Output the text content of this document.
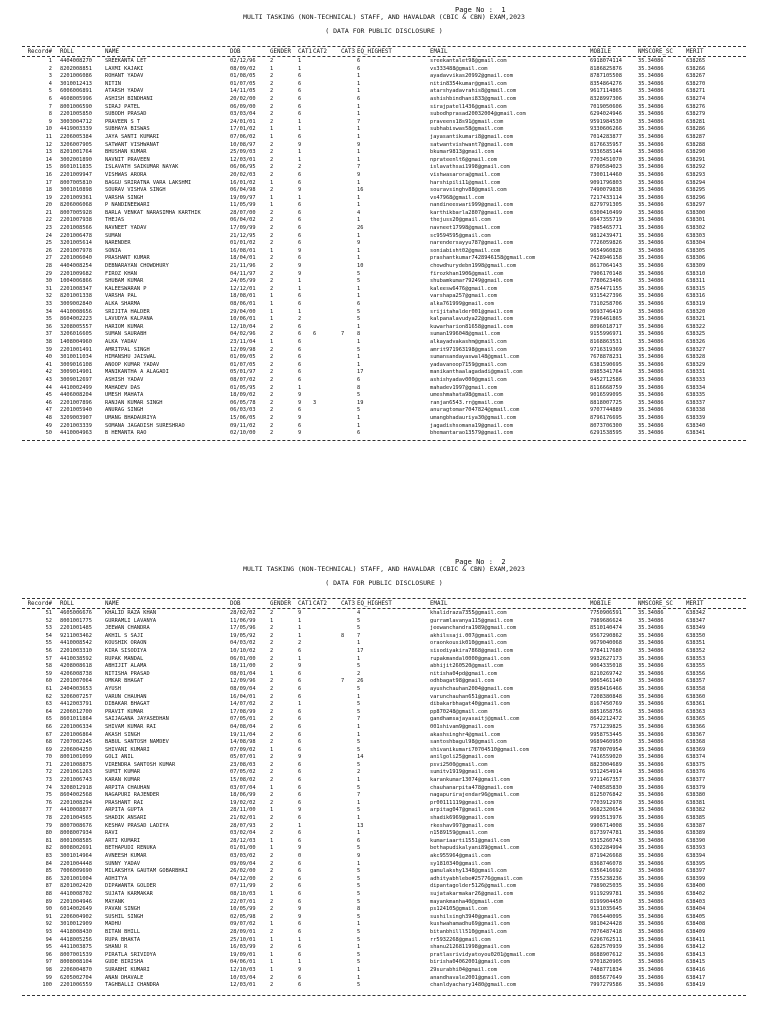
Page No : 1
MULTI TASKING (NON-TECHNICAL) STAFF, AND HAVALDAR (CBIC & CBN) EXAM,2023
( DATA FOR PUBLIC DISCLOSURE )
Record# ROLL	NAME	DOB	GENDER CAT1 CAT2 CAT3 EQ_HIGHEST	EMAIL	MOBILE	NMSCORE_SC MERIT
1 4404008270 SREEKANTA LET	02/12/96	2	1	6	sreekantalet98@gmail.com	6918074114	35.34086	638265
2 8202008851 LAXMI KAJAKI	08/09/02	1	1	6	vs333488@gmail.com	8186825876	35.34086	638266
3 2201006086 ROHANT YADAV	01/08/05	2	6	1	ayadavvikas20992@gmail.com	8787105508	35.34086	638267
4 3010012413 NITIN	01/07/05	2	6	1	nitin8354kumar@gmail.com	8354864276	35.34086	638270
5 6006006891 ATARSH YADAV	14/11/05	2	6	1	atarshyadavrahis8@gmail.com	9617114865	35.34086	638271
6 4608005996 ASHISH BINDHANI	20/02/00	2	6	6	ashishbindhani833@gmail.com	8328997306	35.34086	638274
7 8001006590 SIRAJ PATEL	06/09/00	2	6	1	sirajpatel1436@gmail.com	7019050606	35.34086	638276
8 2201005850 SUBODH PRASAD	03/03/04	2	6	1	subodhprasad20032004@gmail.com	6294024946	35.34086	638279
9 3003004712 PRAVEEN S T	24/01/01	2	1	7	praveens18s91@gmail.com	9591984530	35.34086	638281
10 4419003339 SUBHAYA BISWAS	17/01/02	1	1	1	subhabiswas58@gmail.com	9330606266	35.34086	638286
11 2206005384 JAYA SANTI KUMARI	07/06/02	1	6	1	jayasantikumari8@gmail.com	7014283877	35.34086	638287
12 3206007905 SATWANT VISHWANAT	10/08/97	2	9	9	satwantvishwant7@gmail.com	8176635957	35.34086	638288
13 8201001764 BHUSHAN KUMAR	25/09/03	2	1	1	bkumar9813@gmail.com	9336585144	35.34086	638290
14 3002001890 NAVNIT PRAVEEN	12/03/01	2	1	1	nprateenlt6@gmail.com	7703451070	35.34086	638291
15 8601011835 ISLAVATH SAIKUMAR NAYAK	06/06/95	2	2	7	islavathsai1998@gmail.com	8790584023	35.34086	638292
16 2201009947 VISHWAS ARORA	20/02/03	2	6	9	vishwasarora@gmail.com	7300114460	35.34086	638293
17 8007005810 BAGGU SRIRATNA VARA LAKSHMI	16/01/02	1	6	1	harshipili11@gmail.com	9091796803	35.34086	638294
18 3001010898 SOURAV VISHVA SINGH	06/04/98	2	9	16	souravsinghv88@gmail.com	7490079838	35.34086	638295
19 2201009361 VARSHA SINGH	19/09/97	1	1	1	vs47968@gmail.com	7217433114	35.34086	638296
20 8206006068 P NANDINEEWARI	11/05/99	1	6	1	nandineeswari999@gmail.com	8279791305	35.34086	638297
21 8007005928 BARLA VENKAT NARASIMHA KARTHIK	28/07/00	2	6	4	karthikbarla2807@gmail.com	6300410499	35.34086	638300
22 2201007938 THEJAS	06/04/02	2	6	1	thejuss20@gmail.com	8647355719	35.34086	638301
23 2201008566 NAVNEET YADAV	17/09/99	2	6	26	navneet17998@gmail.com	7985465771	35.34086	638302
24 2201006478 SUMAN	21/12/95	2	6	1	sc9594595@gmail.com	9812439471	35.34086	638303
25 3201005614 NARENDER	01/01/02	2	6	9	narendersayyu787@gmail.com	7726059826	35.34086	638304
26 2201007978 SONIA	16/08/01	1	9	1	soniabisht02@gmail.com	9654960828	35.34086	638305
27 2201006040 PRASHANT KUMAR	18/04/01	2	6	1	prashantkumar7428946158@gmail.com	7428946158	35.34086	638306
28 4404008254 DEBNARAYAN CHOWDHURY	21/11/96	2	9	10	chowdhurydebn1998@gmail.com	8617064143	35.34086	638309
29 2201009682 FIROZ KHAN	04/11/97	2	9	5	firozkhan1906@gmail.com	7906170148	35.34086	638310
30 1004006866 SHUBAM KUMAR	24/05/99	2	1	5	shubamkumar79249@gmail.com	7780623406	35.34086	638311
31 2201008347 KALEESWARAN P	12/12/01	2	1	1	kaleesw6476@gmail.com	8754471155	35.34086	638315
32 8201001338 VARSHA PAL	18/08/01	1	6	1	varshapa257@gmail.com	9315427396	35.34086	638316
33 3009002840 ALKA SHARMA	08/06/01	1	6	6	alka761999@gmail.com	7310258706	35.34086	638319
34 4410008656 SRIJITA HALDER	29/04/00	1	1	5	srijitahalder001@gmail.com	9693746419	35.34086	638320
35 8604002223 LAVUDYA KALPANA	10/06/01	1	2	5	kalpanalavudya22@gmail.com	7396461865	35.34086	638321
36 3208005557 HARIOM KUMAR	12/10/04	2	6	1	kuwarharion81658@gmail.com	8096018717	35.34086	638322
37 3206016605 SUMAN SAURABH	04/02/96	2	6 6	7 8	suman1996048@gmail.com	9155996971	35.34086	638325
38 1408004960 ALKA YADAV	23/11/04	1	6	1	alkayadvakashm@gmail.com	8168863531	35.34086	638326
39 2201001491 AMRITPAL SINGH	12/09/98	2	6	5	amrit971963198@gmail.com	9716319369	35.34086	638327
40 3010011034 HIMANSHU JAISWAL	01/09/05	2	6	1	sumansandayaswal48@gmail.com	7678878231	35.34086	638328
41 3009016108 ANOOP KUMAR YADAV	01/07/05	2	6	1	yadavanoop7159@gmail.com	6381590695	35.34086	638329
42 3009014901 MANIKANTHA A ALAGADI	05/01/97	2	6	17	manikanthaalagadadi@gmail.com	8985341764	35.34086	638331
43 3009012697 ASHISH YADAV	08/07/02	2	6	6	ashishyadav000@gmail.com	9452712586	35.34086	638333
44 4410002499 MAHADEV DAS	01/05/95	2	1	8	mahadev1997@gmail.com	8116668759	35.34086	638334
45 4406008204 UMESH MAHATA	18/09/02	2	9	5	umeshmahata98@gmail.com	9016599095	35.34086	638335
46 2201007896 RANJAN KUMAR SINGH	06/05/78	2	9 3	19	ranjan6543.rr@gmail.com	8818007725	35.34086	638337
47 2201005940 ANURAG SINGH	06/03/03	2	6	5	anuragtomar7047824@gmail.com	9707744889	35.34086	638338
48 3209003907 UMANG BHADAURIYA	15/06/05	2	9	1	umangbhadauriya30@gmail.com	8796176695	35.34086	638339
49 2201003339 SOMANA JAGADISH SURESHRAO	09/11/02	2	6	1	jagadishsomana19@gmail.com	8073706300	35.34086	638340
50 4410004963 B HEMANTA RAO	02/10/00	2	9	6	bhemantarao13579@gmail.com	6291538595	35.34086	638341
Page No : 2
MULTI TASKING (NON-TECHNICAL) STAFF, AND HAVALDAR (CBIC & CBN) EXAM,2023
( DATA FOR PUBLIC DISCLOSURE )
Record# ROLL	NAME	DOB	GENDER CAT1 CAT2 CAT3 EQ_HIGHEST	EMAIL	MOBILE	NMSCORE_SC MERIT
51 4605006676 KHALID RAZA KHAN	28/02/02	2	9	4	khalidraza7355@gmail.com	7750906591	35.34086	638342
52 8001001775 GURRAMLI LAVANYA	11/06/99	1	1	5	gurramlavanya115@gmail.com	7989686624	35.34086	638347
53 2201001485 JEEWAN CHANDRA	17/05/96	2	1	5	jeewanchandra1989@gmail.com	8510140474	35.34086	638349
54 9211003462 AKHIL S SAJI	19/05/92	2	1	8 7	akhilssaji.007@gmail.com	9567290862	35.34086	638350
55 4410008542 KOUSHIK ORAON	04/03/02	2	2	1	oraonkousik010@gmail.com	9679040068	35.34086	638351
56 2201003310 KIRA SISODIYA	10/10/02	2	6	17	sisodiyakira7868@gmail.com	9784117680	35.34086	638352
57 4410038592 RUPAK MANDAL	06/01/00	2	1	1	rupakmandal0000@gmail.com	9932627173	35.34086	638353
58 4208008618 ABHIJIT ALAMA	18/11/00	2	9	5	abhijit260520@gmail.com	9064335018	35.34086	638355
59 4206008738 NITISHA PRASAD	08/01/04	1	6	2	nitisha04pd@gmail.com	8210269742	35.34086	638356
60 2201007064 OMKAR BHAGAT	12/09/96	2	6	7 26	odhbagat98@gmail.com	9065461140	35.34086	638357
61 2404003653 AYUSH	08/09/04	2	6	5	ayushchauhan2004@gmail.com	8958416466	35.34086	638358
62 3206007257 VARUN CHAUHAN	16/04/01	2	6	1	varunchauhan651@gmail.com	7208380848	35.34086	638360
63 4412003791 DIBAKAR BHAGAT	14/07/02	2	1	5	dibakarbhagat40@gmail.com	8167450769	35.34086	638361
64 2206012700 PRAVIT KUMAR	17/08/99	2	6	5	pp870248@gmail.com	8851658756	35.34086	638363
65 8601011864 SAIJAGANA JAYASEDHAN	07/05/01	2	6	7	gandhamsajayasaitj@gmail.com	8642212472	35.34086	638365
66 2201006334 SHIVAM KUMAR RAI	04/08/04	2	6	1	001shivam9@gmail.com	7571239825	35.34086	638366
67 2201006864 AKASH SINGH	19/11/04	2	6	1	akashsinghr4@gmail.com	9958753445	35.34086	638367
68 7207002245 BABUL SANTOSH NAMDEV	14/08/98	2	6	5	santoshbagul98@gmail.com	9689460950	35.34086	638368
69 2206004250 SHIVANI KUMARI	07/09/02	1	6	5	shivanikumari70704510@gmail.com	7870070954	35.34086	638369
70 8001001099 GOLI ANIL	05/07/01	2	9	14	anilgoli25@gmail.com	7416559020	35.34086	638374
71 2201008875 VIRENDRA SANTOSH KUMAR	23/08/03	2	6	5	psvi2500@gmail.com	8823004689	35.34086	638375
72 2201061263 SUMIT KUMAR	07/05/02	2	6	2	sumitv1919@gmail.com	9312454914	35.34086	638376
73 2201006743 KARAN KUMAR	15/08/02	2	6	1	karankumar13074@gmail.com	9711467357	35.34086	638377
74 3208012918 ARPITA CHAUHAN	03/07/04	1	6	5	chauhanarpita478@gmail.com	7408585830	35.34086	638379
75 8604002568 NAGAPURI RAJENDER	18/06/99	2	6	7	nagapurirajendar96@gmail.com	8125076842	35.34086	638380
76 2201008294 PRASHANT RAI	19/02/02	2	6	1	pr00111119@gmail.com	7703912978	35.34086	638381
77 4410008877 ARPITA GUPTA	28/11/00	1	9	5	arpitag047@gmail.com	9682320654	35.34086	638382
78 2201004565 SHADIK ANSARI	21/02/01	2	6	1	shadik6969@gmail.com	9993513976	35.34086	638385
79 8007008676 KESHAV PRASAD LADIYA	28/07/93	2	1	13	rkeshav997@gmail.com	9906714008	35.34086	638387
80 8008007934 RAVI	03/02/04	2	6	1	n1589159@gmail.com	8173974781	35.34086	638389
81 8001008585 ARTI KUMARI	28/12/03	1	6	6	kumariaarti1551@gmail.com	9315260743	35.34086	638390
82 8008002691 BETHAPUDI RENUKA	01/01/00	1	9	5	bethapudikalyani89@gmail.com	6302284994	35.34086	638393
83 3001014964 AVNEESH KUMAR	03/03/02	2	0	9	akc955964@gmail.com	8719426668	35.34086	638394
84 2201004448 SUNNY YADAV	09/09/04	2	6	1	sy1810340@gmail.com	8368746078	35.34086	638395
85 7006009690 MILAKSHYA GAUTAM GOBARBHAI	26/02/00	2	6	5	gamulakshy1348@gmail.com	6356416692	35.34086	638397
86 3201001004 ADHITYA	04/12/00	2	6	5	adhityabhlebe#25776@gmail.com	7355238236	35.34086	638399
87 8201002420 DIPAWANTA GOLDER	07/11/99	2	6	5	dipantagolder5126@gmail.com	7989025035	35.34086	638400
88 4410008702 SUJATA KARMAKAR	08/10/03	1	6	5	sujatakarmakar26@gmail.com	9119299781	35.34086	638402
89 2201004946 MAYANK	22/07/01	2	6	5	mayankmanha40@gmail.com	8199904450	35.34086	638403
90 6014002649 PAVAN SINGH	10/05/99	2	9	8	ps124105@gmail.com	9131035645	35.34086	638404
91 2206004902 SUSHIL SINGH	02/05/98	2	9	5	sushilsingh3940@gmail.com	7065440095	35.34086	638405
92 3010012909 MADHU	09/07/02	1	6	1	kushwahamadhu69@gmail.com	9810424428	35.34086	638408
93 4418008430 BITAN BHILL	28/09/01	2	6	5	bitanbhilll510@gmail.com	7076487418	35.34086	638409
94 4418005256 RUPA BHAKTA	25/10/01	1	1	5	rr5932268@gmail.com	6296762511	35.34086	638411
95 4411003875 SHANU R	16/03/99	2	6	1	shanu2126811998@gmail.com	6282570939	35.34086	638412
96 8007001539 PIRATLA SRIVIDYA	19/09/01	1	6	5	pratlasrividyatoyou0201@gmail.com	8688907612	35.34086	638413
97 8008008104 GUDE BIRISHA	04/06/01	1	1	5	birisha04062001@gmail.com	9701820905	35.34086	638415
98 2206004870 SURABHI KUMARI	12/10/03	1	9	1	29surabhi04@gmail.com	7488771834	35.34086	638416
99 6205002704 ANAN DHAVALE	10/03/04	2	6	1	anandhavale2001@gmail.com	8085677649	35.34086	638417
100 2201006559 TAGHBALLI CHANDRA	12/03/01	2	6	5	chanldyachary1480@gmail.com	7997279586	35.34086	638419
